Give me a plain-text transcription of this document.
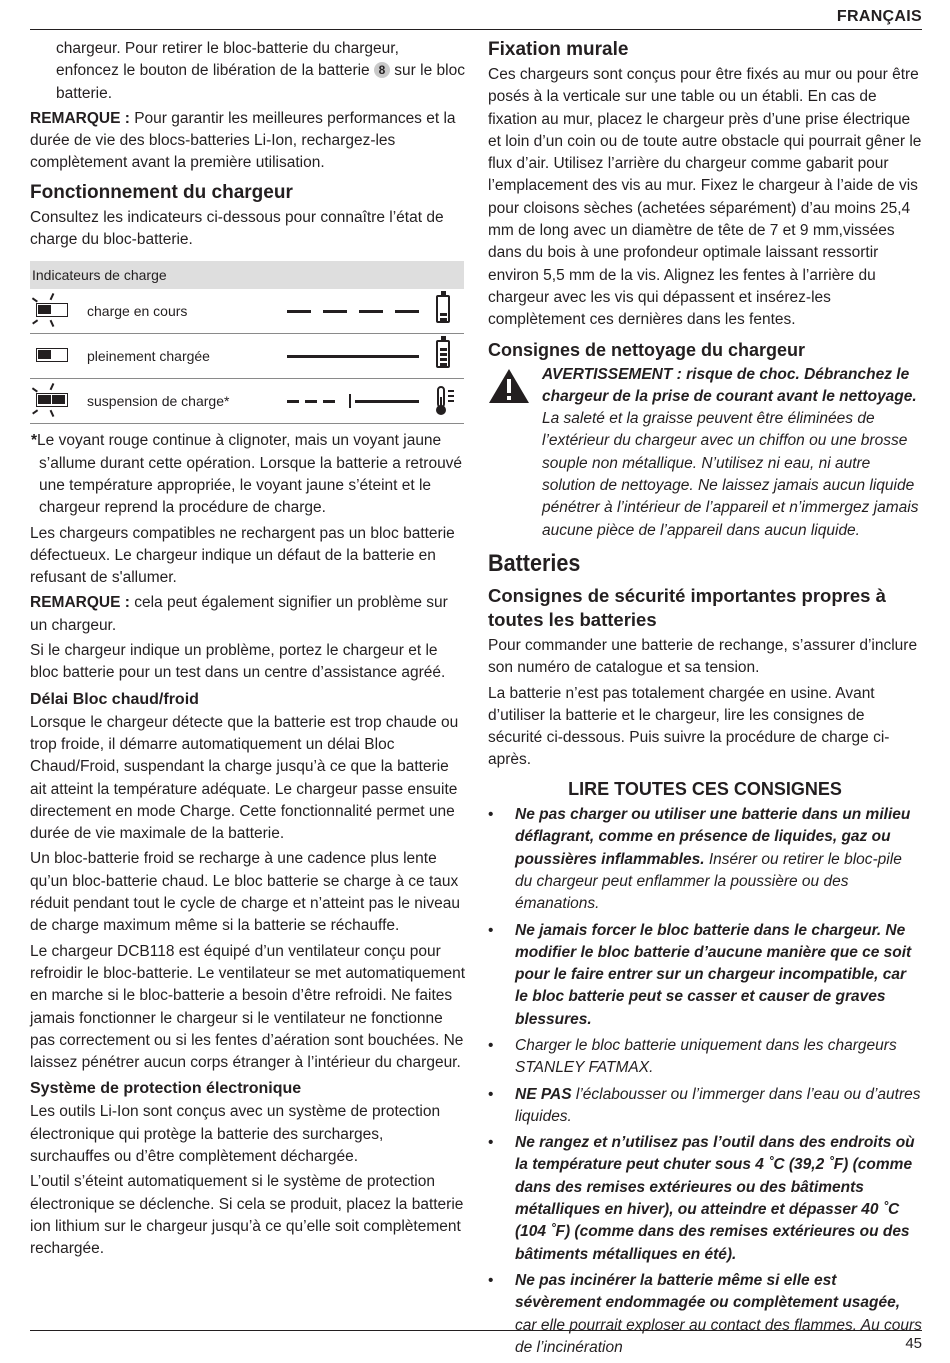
FRANÇAIS

chargeur. Pour retirer le bloc-batterie du chargeur, enfoncez le bouton de libération de la batterie 8 sur le bloc batterie.

REMARQUE : Pour garantir les meilleures performances et la durée de vie des blocs-batteries Li-Ion, rechargez-les complètement avant la première utilisation.

Fonctionnement du chargeur

Consultez les indicateurs ci-dessous pour connaître l’état de charge du bloc-batterie.

Indicateurs de charge
charge en cours
pleinement chargée
suspension de charge*

*Le voyant rouge continue à clignoter, mais un voyant jaune s’allume durant cette opération. Lorsque la batterie a retrouvé une température appropriée, le voyant jaune s’éteint et le chargeur reprend la procédure de charge.

Les chargeurs compatibles ne rechargent pas un bloc batterie défectueux. Le chargeur indique un défaut de la batterie en refusant de s'allumer.

REMARQUE : cela peut également signifier un problème sur un chargeur.

Si le chargeur indique un problème, portez le chargeur et le bloc batterie pour un test dans un centre d’assistance agréé.

Délai Bloc chaud/froid

Lorsque le chargeur détecte que la batterie est trop chaude ou trop froide, il démarre automatiquement un délai Bloc Chaud/Froid, suspendant la charge jusqu’à ce que la batterie ait atteint la température adéquate. Le chargeur passe ensuite directement en mode Charge. Cette fonctionnalité permet une durée de vie maximale de la batterie.

Un bloc-batterie froid se recharge à une cadence plus lente qu’un bloc-batterie chaud. Le bloc batterie se charge à ce taux réduit pendant tout le cycle de charge et n’atteint pas le niveau de charge maximum même si la batterie se réchauffe.

Le chargeur DCB118 est équipé d’un ventilateur conçu pour refroidir le bloc-batterie. Le ventilateur se met automatiquement en marche si le bloc-batterie a besoin d’être refroidi. Ne faites jamais fonctionner le chargeur si le ventilateur ne fonctionne pas correctement ou si les fentes d’aération sont bouchées. Ne laissez pénétrer aucun corps étranger à l’intérieur du chargeur.

Système de protection électronique

Les outils Li-Ion sont conçus avec un système de protection électronique qui protège la batterie des surcharges, surchauffes ou d’être complètement déchargée.

L’outil s’éteint automatiquement si le système de protection électronique se déclenche. Si cela se produit, placez la batterie ion lithium sur le chargeur jusqu’à ce qu’elle soit complètement rechargée.

Fixation murale

Ces chargeurs sont conçus pour être fixés au mur ou pour être posés à la verticale sur une table ou un établi. En cas de fixation au mur, placez le chargeur près d’une prise électrique et loin d’un coin ou de toute autre obstacle qui pourrait gêner le flux d’air. Utilisez l’arrière du chargeur comme gabarit pour l’emplacement des vis au mur. Fixez le chargeur à l’aide de vis pour cloisons sèches (achetées séparément) d’au moins 25,4 mm de long avec un diamètre de tête de 7 et 9 mm,vissées dans du bois à une profondeur optimale laissant ressortir environ 5,5 mm de la vis. Alignez les fentes à l’arrière du chargeur avec les vis qui dépassent et insérez-les complètement ces dernières dans les fentes.

Consignes de nettoyage du chargeur
AVERTISSEMENT : risque de choc. Débranchez le chargeur de la prise de courant avant le nettoyage. La saleté et la graisse peuvent être éliminées de l’extérieur du chargeur avec un chiffon ou une brosse souple non métallique. N’utilisez ni eau, ni autre solution de nettoyage. Ne laissez jamais aucun liquide pénétrer à l’intérieur de l’appareil et n’immergez jamais aucune pièce de l’appareil dans aucun liquide.
Batteries
Consignes de sécurité importantes propres à toutes les batteries

Pour commander une batterie de rechange, s’assurer d’inclure son numéro de catalogue et sa tension.

La batterie n’est pas totalement chargée en usine. Avant d’utiliser la batterie et le chargeur, lire les consignes de sécurité ci-dessous. Puis suivre la procédure de charge ci-après.

LIRE TOUTES CES CONSIGNES
• Ne pas charger ou utiliser une batterie dans un milieu déflagrant, comme en présence de liquides, gaz ou poussières inflammables. Insérer ou retirer le bloc-pile du chargeur peut enflammer la poussière ou des émanations.
• Ne jamais forcer le bloc batterie dans le chargeur. Ne modifier le bloc batterie d’aucune manière que ce soit pour le faire entrer sur un chargeur incompatible, car le bloc batterie peut se casser et causer de graves blessures.
• Charger le bloc batterie uniquement dans les chargeurs STANLEY FATMAX.
• NE PAS l’éclabousser ou l’immerger dans l’eau ou d’autres liquides.
• Ne rangez et n’utilisez pas l’outil dans des endroits où la température peut chuter sous 4 ˚C (39,2 ˚F) (comme dans des remises extérieures ou des bâtiments métalliques en hiver), ou atteindre et dépasser 40 ˚C (104 ˚F) (comme dans des remises extérieures ou des bâtiments métalliques en été).
• Ne pas incinérer la batterie même si elle est sévèrement endommagée ou complètement usagée, car elle pourrait exploser au contact des flammes. Au cours de l’incinération	45
